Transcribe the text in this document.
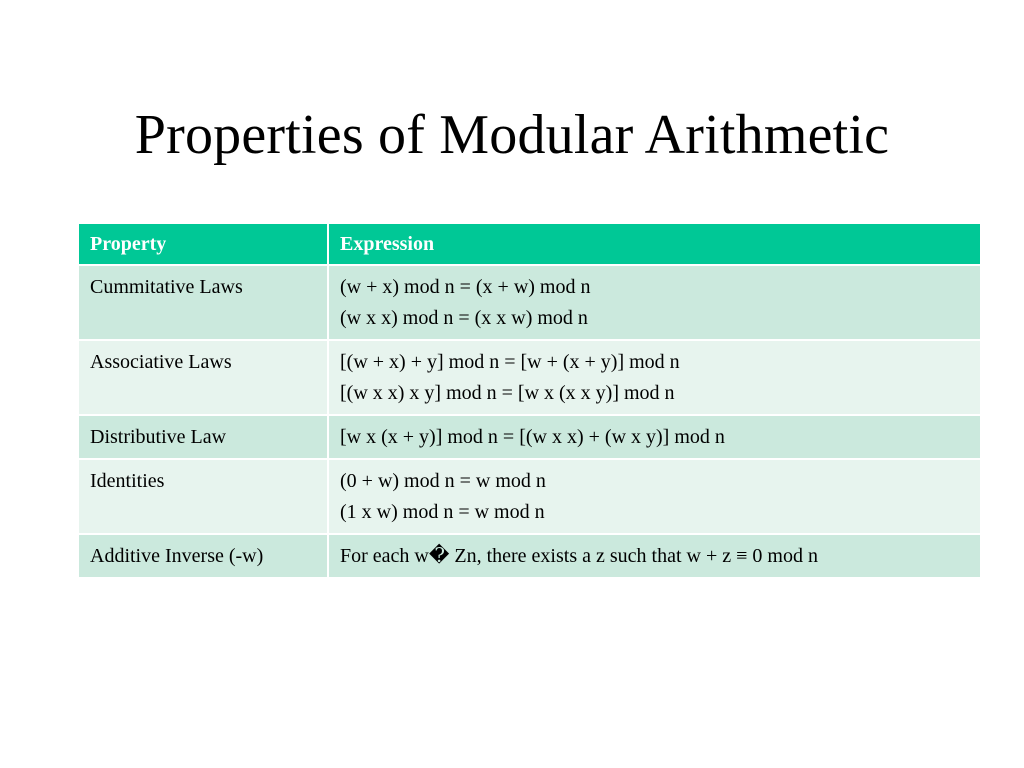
Properties of Modular Arithmetic
Property	Expression
Cummitative Laws	(w + x) mod n = (x + w) mod n
(w x x) mod n = (x x w) mod n

Associative Laws	[(w + x) + y] mod n = [w + (x + y)] mod n
[(w x x) x y] mod n = [w x (x x y)] mod n

Distributive Law	[w x (x + y)] mod n = [(w x x) + (w x y)] mod n

Identities	(0 + w) mod n = w mod n
(1 x w) mod n = w mod n

Additive Inverse (-w)	For each w� Zn, there exists a z such that w + z ≡ 0 mod n
